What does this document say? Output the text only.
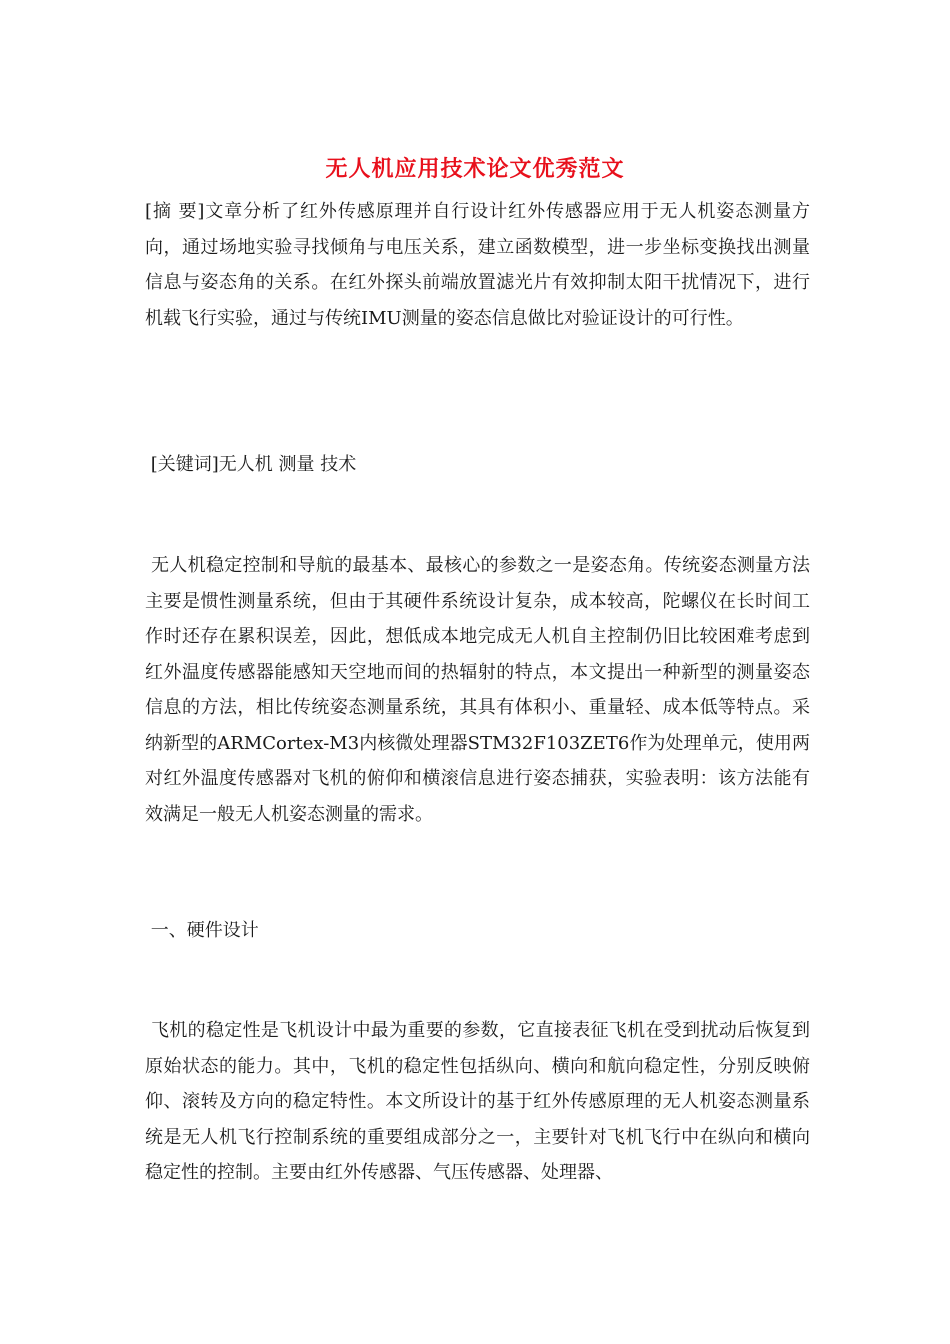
无人机应用技术论文优秀范文

[摘 要]文章分析了红外传感原理并自行设计红外传感器应用于无人机姿态测量方向，通过场地实验寻找倾角与电压关系，建立函数模型，进一步坐标变换找出测量信息与姿态角的关系。在红外探头前端放置滤光片有效抑制太阳干扰情况下，进行机载飞行实验，通过与传统IMU测量的姿态信息做比对验证设计的可行性。

[关键词]无人机 测量 技术

无人机稳定控制和导航的最基本、最核心的参数之一是姿态角。传统姿态测量方法主要是惯性测量系统，但由于其硬件系统设计复杂，成本较高，陀螺仪在长时间工作时还存在累积误差，因此，想低成本地完成无人机自主控制仍旧比较困难考虑到红外温度传感器能感知天空地而间的热辐射的特点，本文提出一种新型的测量姿态信息的方法，相比传统姿态测量系统，其具有体积小、重量轻、成本低等特点。采纳新型的ARMCortex-M3内核微处理器STM32F103ZET6作为处理单元，使用两对红外温度传感器对飞机的俯仰和横滚信息进行姿态捕获，实验表明：该方法能有效满足一般无人机姿态测量的需求。

一、硬件设计

飞机的稳定性是飞机设计中最为重要的参数，它直接表征飞机在受到扰动后恢复到原始状态的能力。其中，飞机的稳定性包括纵向、横向和航向稳定性，分别反映俯仰、滚转及方向的稳定特性。本文所设计的基于红外传感原理的无人机姿态测量系统是无人机飞行控制系统的重要组成部分之一，主要针对飞机飞行中在纵向和横向稳定性的控制。主要由红外传感器、气压传感器、处理器、
